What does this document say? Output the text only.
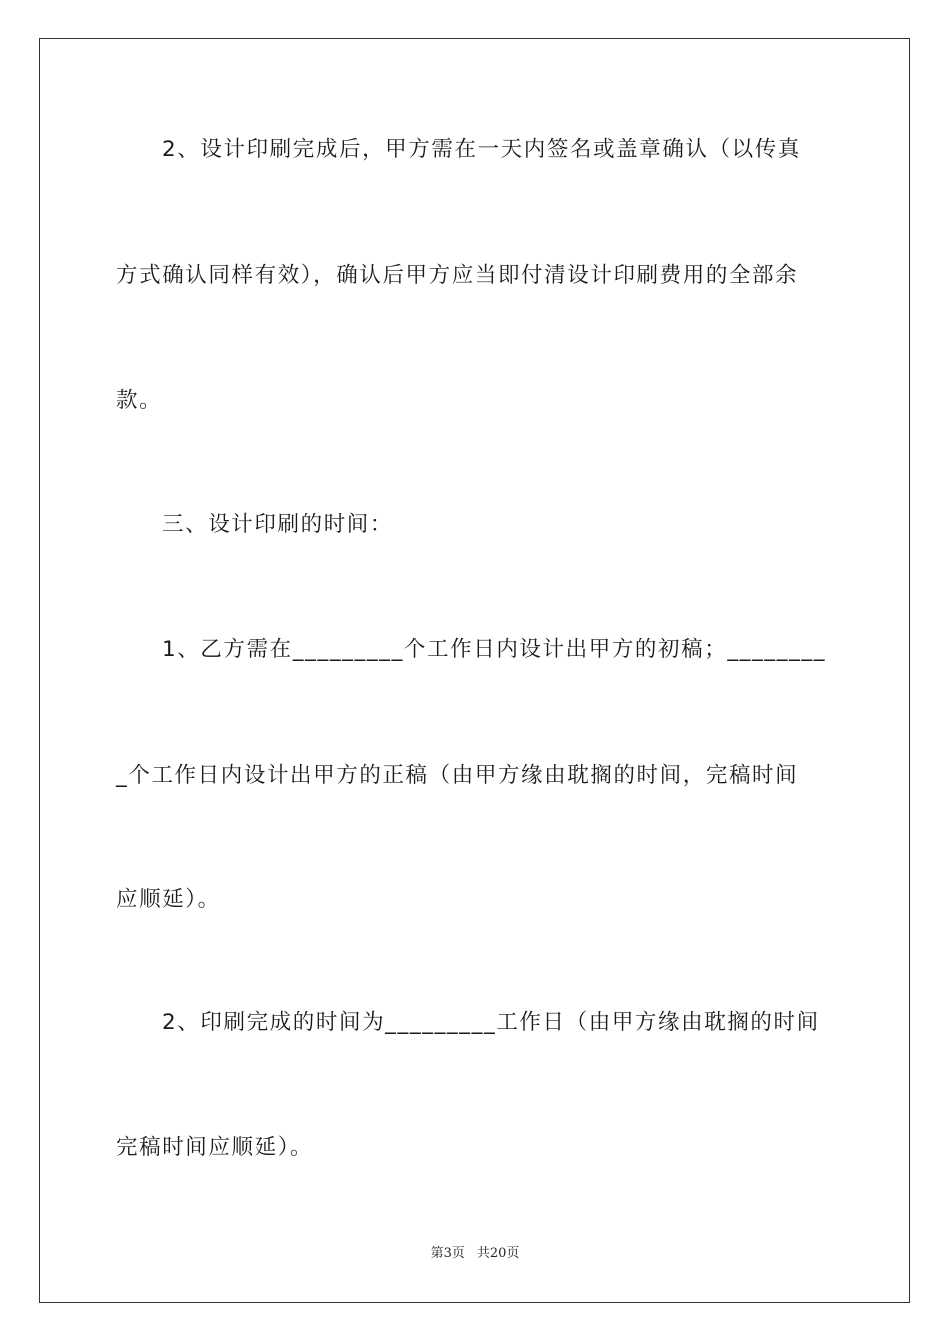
2、设计印刷完成后，甲方需在一天内签名或盖章确认（以传真

方式确认同样有效），确认后甲方应当即付清设计印刷费用的全部余

款。

三、设计印刷的时间：

1、乙方需在_________个工作日内设计出甲方的初稿；________

_个工作日内设计出甲方的正稿（由甲方缘由耽搁的时间，完稿时间

应顺延）。

2、印刷完成的时间为_________工作日（由甲方缘由耽搁的时间

完稿时间应顺延）。

第3页 共20页
